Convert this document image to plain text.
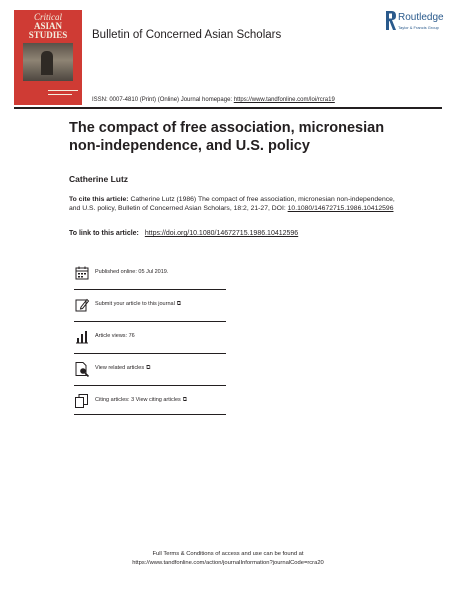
Critical
ASIAN
STUDIES	Bulletin of Concerned Asian Scholars
Routledge
Taylor & Francis Group
ISSN: 0007-4810 (Print) (Online) Journal homepage: https://www.tandfonline.com/loi/rcra19
The compact of free association, micronesian non-independence, and U.S. policy
Catherine Lutz
To cite this article: Catherine Lutz (1986) The compact of free association, micronesian non-independence, and U.S. policy, Bulletin of Concerned Asian Scholars, 18:2, 21-27, DOI: 10.1080/14672715.1986.10412596
To link to this article: https://doi.org/10.1080/14672715.1986.10412596
Published online: 05 Jul 2019.
Submit your article to this journal ⧉
Article views: 76
View related articles ⧉
Citing articles: 3 View citing articles ⧉
Full Terms & Conditions of access and use can be found at
https://www.tandfonline.com/action/journalInformation?journalCode=rcra20
